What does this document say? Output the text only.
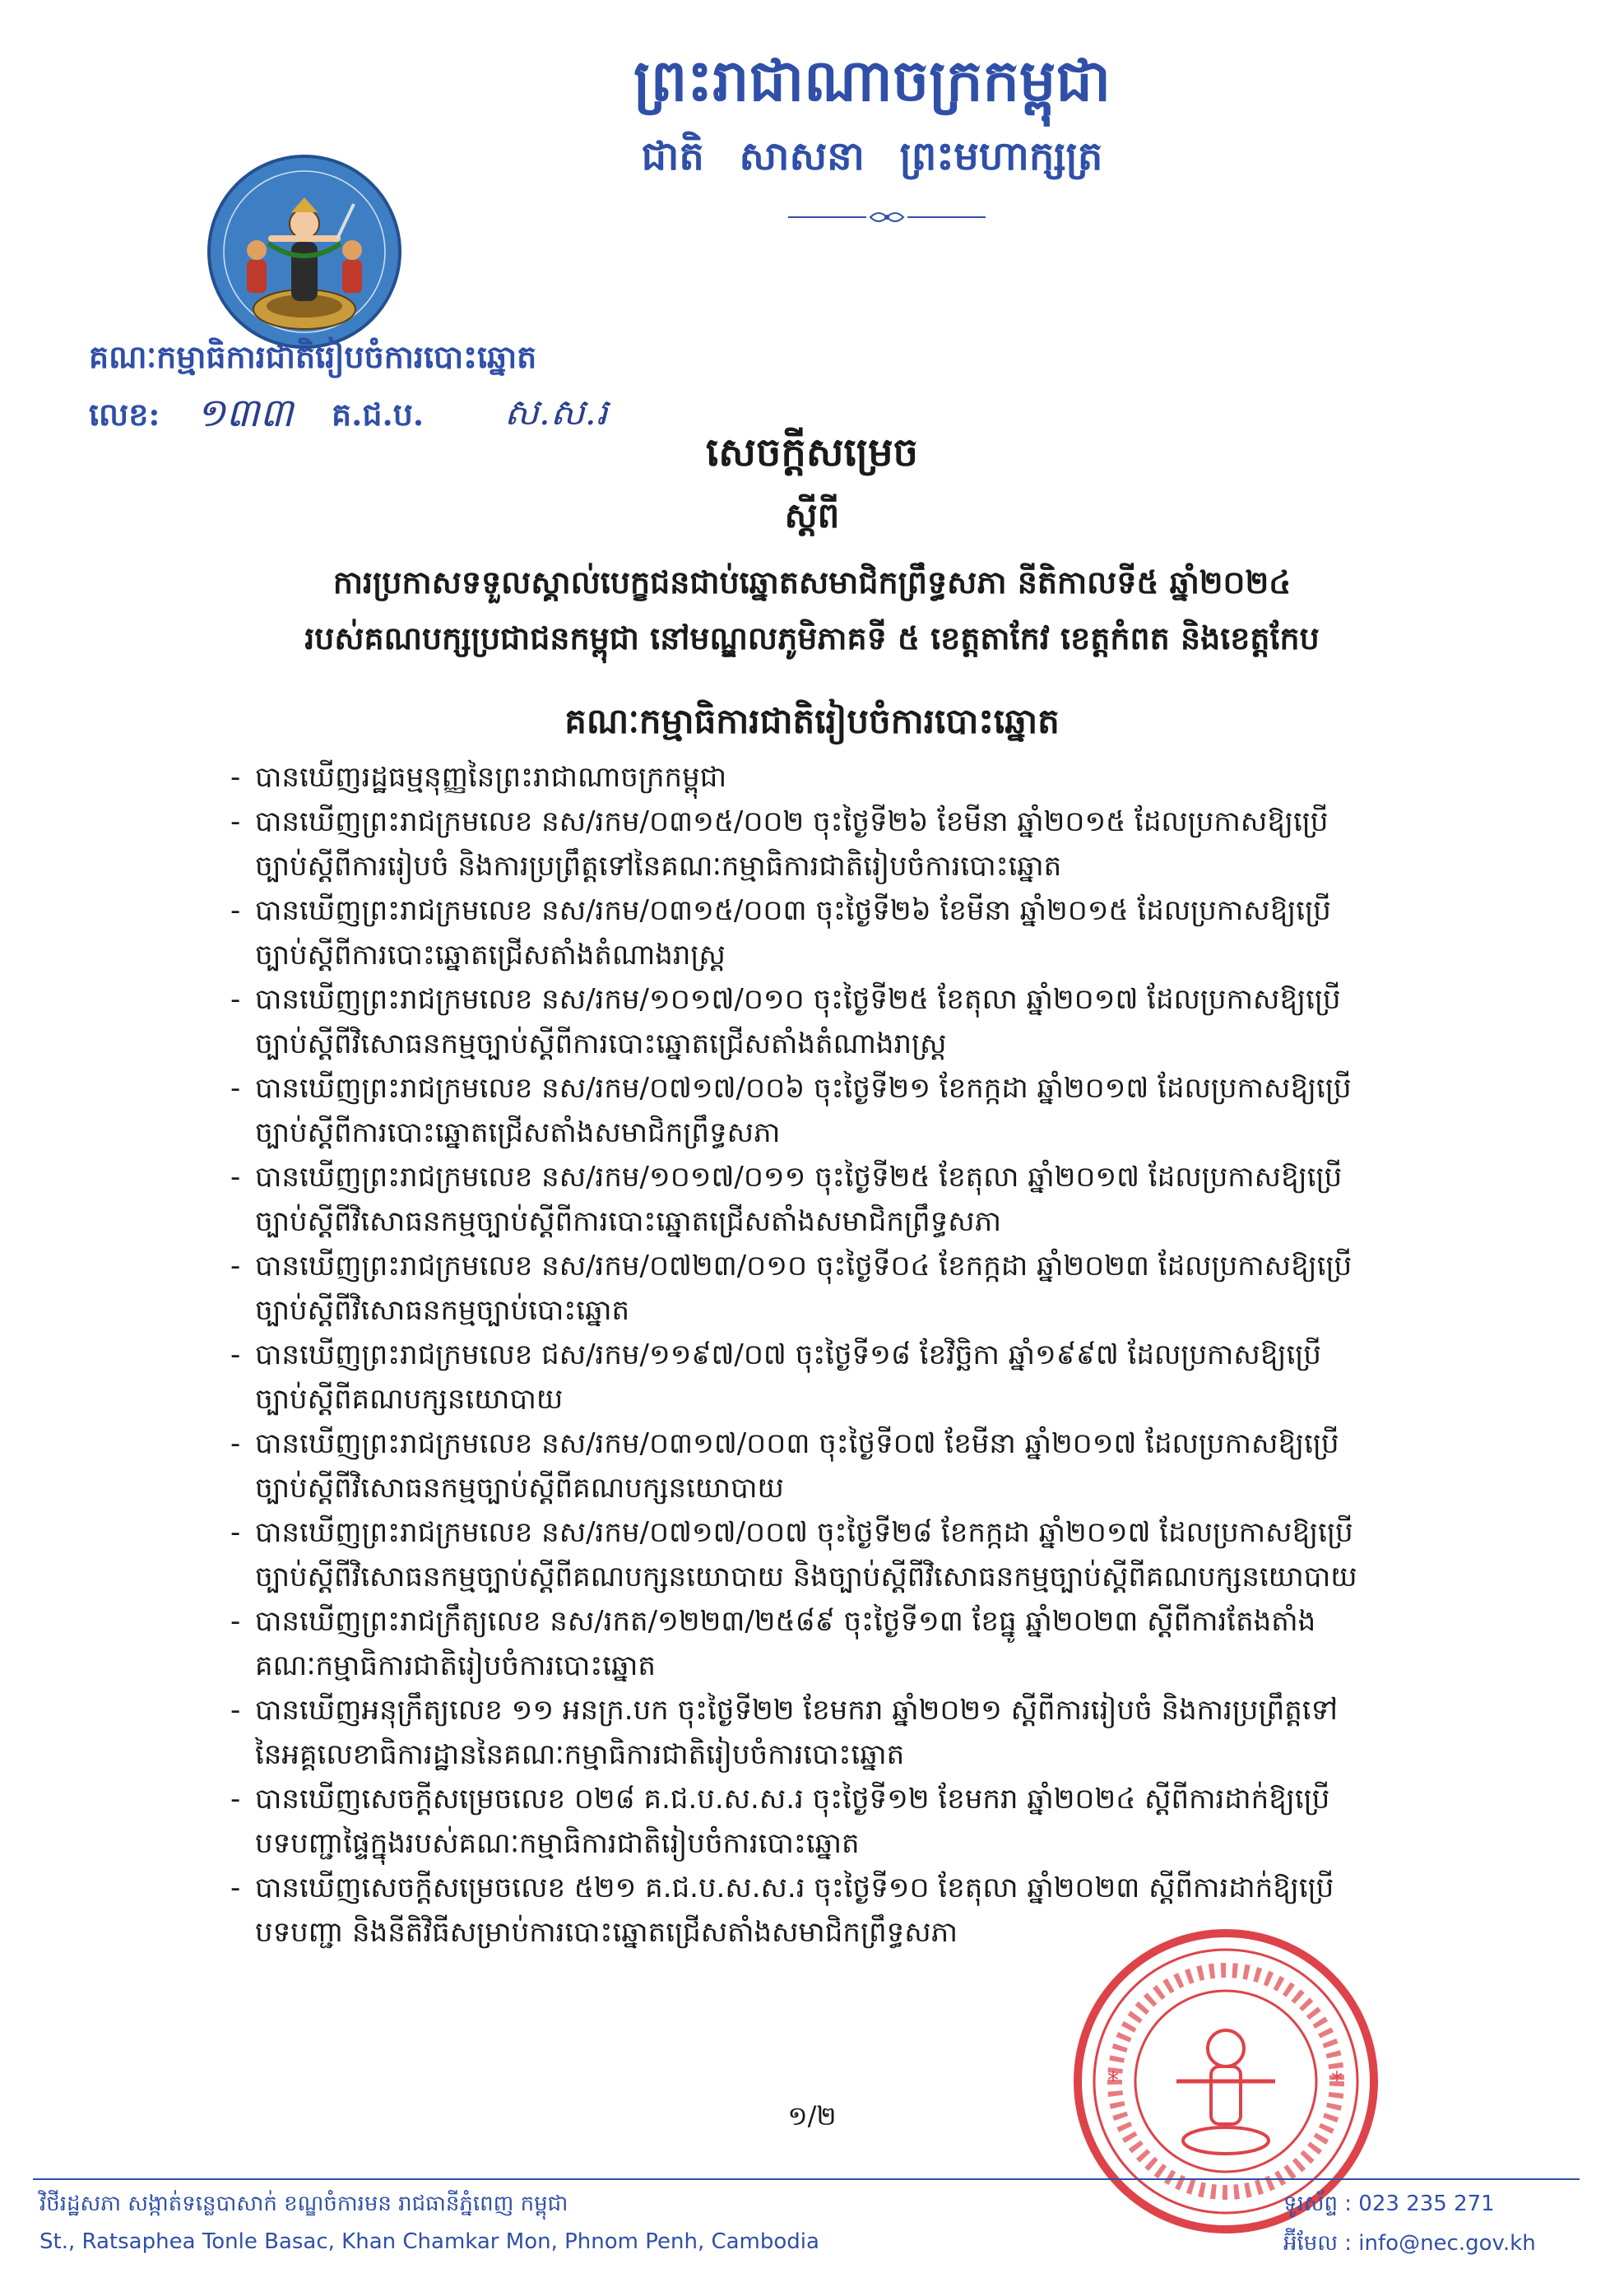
ព្រះរាជាណាចក្រកម្ពុជា
ជាតិ សាសនា ព្រះមហាក្សត្រ
គណៈកម្មាធិការជាតិរៀបចំការបោះឆ្នោត
លេខ: ១៣៣ គ.ជ.ប. ស.ស.រ
សេចក្តីសម្រេច
ស្តីពី
ការប្រកាសទទួលស្គាល់បេក្ខជនជាប់ឆ្នោតសមាជិកព្រឹទ្ធសភា នីតិកាលទី៥ ឆ្នាំ២០២៤
របស់គណបក្សប្រជាជនកម្ពុជា នៅមណ្ឌលភូមិភាគទី ៥ ខេត្តតាកែវ ខេត្តកំពត និងខេត្តកែប
គណៈកម្មាធិការជាតិរៀបចំការបោះឆ្នោត
- បានឃើញរដ្ឋធម្មនុញ្ញនៃព្រះរាជាណាចក្រកម្ពុជា
- បានឃើញព្រះរាជក្រមលេខ នស/រកម/០៣១៥/០០២ ចុះថ្ងៃទី២៦ ខែមីនា ឆ្នាំ២០១៥ ដែលប្រកាសឱ្យប្រើ
ច្បាប់ស្តីពីការរៀបចំ និងការប្រព្រឹត្តទៅនៃគណៈកម្មាធិការជាតិរៀបចំការបោះឆ្នោត
- បានឃើញព្រះរាជក្រមលេខ នស/រកម/០៣១៥/០០៣ ចុះថ្ងៃទី២៦ ខែមីនា ឆ្នាំ២០១៥ ដែលប្រកាសឱ្យប្រើ
ច្បាប់ស្តីពីការបោះឆ្នោតជ្រើសតាំងតំណាងរាស្ត្រ
- បានឃើញព្រះរាជក្រមលេខ នស/រកម/១០១៧/០១០ ចុះថ្ងៃទី២៥ ខែតុលា ឆ្នាំ២០១៧ ដែលប្រកាសឱ្យប្រើ
ច្បាប់ស្តីពីវិសោធនកម្មច្បាប់ស្តីពីការបោះឆ្នោតជ្រើសតាំងតំណាងរាស្ត្រ
- បានឃើញព្រះរាជក្រមលេខ នស/រកម/០៧១៧/០០៦ ចុះថ្ងៃទី២១ ខែកក្កដា ឆ្នាំ២០១៧ ដែលប្រកាសឱ្យប្រើ
ច្បាប់ស្តីពីការបោះឆ្នោតជ្រើសតាំងសមាជិកព្រឹទ្ធសភា
- បានឃើញព្រះរាជក្រមលេខ នស/រកម/១០១៧/០១១ ចុះថ្ងៃទី២៥ ខែតុលា ឆ្នាំ២០១៧ ដែលប្រកាសឱ្យប្រើ
ច្បាប់ស្តីពីវិសោធនកម្មច្បាប់ស្តីពីការបោះឆ្នោតជ្រើសតាំងសមាជិកព្រឹទ្ធសភា
- បានឃើញព្រះរាជក្រមលេខ នស/រកម/០៧២៣/០១០ ចុះថ្ងៃទី០៤ ខែកក្កដា ឆ្នាំ២០២៣ ដែលប្រកាសឱ្យប្រើ
ច្បាប់ស្តីពីវិសោធនកម្មច្បាប់បោះឆ្នោត
- បានឃើញព្រះរាជក្រមលេខ ជស/រកម/១១៩៧/០៧ ចុះថ្ងៃទី១៨ ខែវិច្ឆិកា ឆ្នាំ១៩៩៧ ដែលប្រកាសឱ្យប្រើ
ច្បាប់ស្តីពីគណបក្សនយោបាយ
- បានឃើញព្រះរាជក្រមលេខ នស/រកម/០៣១៧/០០៣ ចុះថ្ងៃទី០៧ ខែមីនា ឆ្នាំ២០១៧ ដែលប្រកាសឱ្យប្រើ
ច្បាប់ស្តីពីវិសោធនកម្មច្បាប់ស្តីពីគណបក្សនយោបាយ
- បានឃើញព្រះរាជក្រមលេខ នស/រកម/០៧១៧/០០៧ ចុះថ្ងៃទី២៨ ខែកក្កដា ឆ្នាំ២០១៧ ដែលប្រកាសឱ្យប្រើ
ច្បាប់ស្តីពីវិសោធនកម្មច្បាប់ស្តីពីគណបក្សនយោបាយ និងច្បាប់ស្តីពីវិសោធនកម្មច្បាប់ស្តីពីគណបក្សនយោបាយ
- បានឃើញព្រះរាជក្រឹត្យលេខ នស/រកត/១២២៣/២៥៨៩ ចុះថ្ងៃទី១៣ ខែធ្នូ ឆ្នាំ២០២៣ ស្តីពីការតែងតាំង
គណៈកម្មាធិការជាតិរៀបចំការបោះឆ្នោត
- បានឃើញអនុក្រឹត្យលេខ ១១ អនក្រ.បក ចុះថ្ងៃទី២២ ខែមករា ឆ្នាំ២០២១ ស្តីពីការរៀបចំ និងការប្រព្រឹត្តទៅ
នៃអគ្គលេខាធិការដ្ឋាននៃគណៈកម្មាធិការជាតិរៀបចំការបោះឆ្នោត
- បានឃើញសេចក្តីសម្រេចលេខ ០២៨ គ.ជ.ប.ស.ស.រ ចុះថ្ងៃទី១២ ខែមករា ឆ្នាំ២០២៤ ស្តីពីការដាក់ឱ្យប្រើ
បទបញ្ជាផ្ទៃក្នុងរបស់គណៈកម្មាធិការជាតិរៀបចំការបោះឆ្នោត
- បានឃើញសេចក្តីសម្រេចលេខ ៥២១ គ.ជ.ប.ស.ស.រ ចុះថ្ងៃទី១០ ខែតុលា ឆ្នាំ២០២៣ ស្តីពីការដាក់ឱ្យប្រើ
បទបញ្ជា និងនីតិវិធីសម្រាប់ការបោះឆ្នោតជ្រើសតាំងសមាជិកព្រឹទ្ធសភា
*	*
១/២
វិថីរដ្ឋសភា សង្កាត់ទន្លេបាសាក់ ខណ្ឌចំការមន រាជធានីភ្នំពេញ កម្ពុជា
St., Ratsaphea Tonle Basac, Khan Chamkar Mon, Phnom Penh, Cambodia
ទូរស័ព្ទ : 023 235 271
អ៊ីមែល : info@nec.gov.kh
